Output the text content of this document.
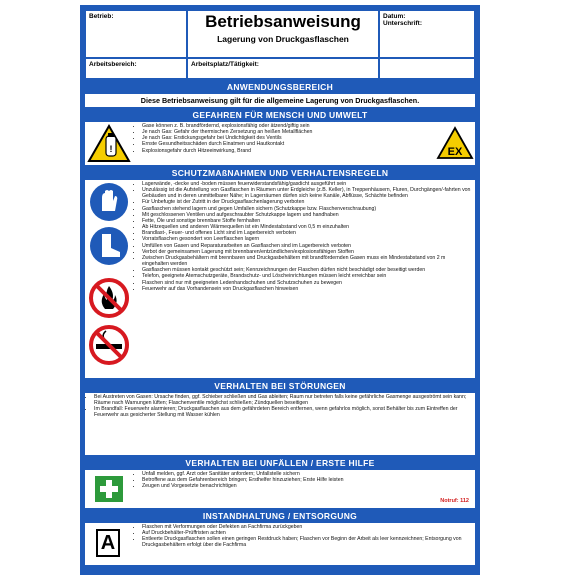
Betrieb:	Betriebsanweisung
Lagerung von Druckgasflaschen
Datum:
Unterschrift:
Arbeitsbereich:	Arbeitsplatz/Tätigkeit:
ANWENDUNGSBEREICH
Diese Betriebsanweisung gilt für die allgemeine Lagerung von Druckgasflaschen.
GEFAHREN FÜR MENSCH UND UMWELT
!
• Gase können z. B. brandfördernd, explosionsfähig oder ätzend/giftig sein
• Je nach Gas: Gefahr der thermischen Zersetzung an heißen Metallflächen
• Je nach Gas: Erstickungsgefahr bei Undichtigkeit des Ventils
• Ernste Gesundheitsschäden durch Einatmen und Hautkontakt
• Explosionsgefahr durch Hitzeeinwirkung, Brand	EX
SCHUTZMAßNAHMEN UND VERHALTENSREGELN
• Lagerwände, -decke und -boden müssen feuerwiderstandsfähig/gasdicht ausgeführt sein
• Unzulässig ist die Aufstellung von Gasflaschen in Räumen unter Erdgleiche (z.B. Keller), in Treppenhäusern, Fluren, Durchgängen/-fahrten von Gebäuden und in deren unmittelbarer Nähe; in Lagerräumen dürfen sich keine Kanäle, Abflüsse, Schächte befinden
• Für Unbefugte ist der Zutritt in der Druckgasflaschenlagerung verboten
• Gasflaschen stehend lagern und gegen Umfallen sichern (Schutzkappe bzw. Flaschenverschraubung)
• Mit geschlossenen Ventilen und aufgeschraubter Schutzkappe lagern und handhaben
• Fette, Öle und sonstige brennbare Stoffe fernhalten
• Ab Hitzequellen und anderen Wärmequellen ist ein Mindestabstand von 0,5 m einzuhalten
• Brandlast-, Feuer- und offenes Licht sind im Lagerbereich verboten
• Vorratsflaschen gesondert von Leerflaschen lagern
• Umfüllen von Gasen und Reparaturarbeiten an Gasflaschen sind im Lagerbereich verboten
• Verbot der gemeinsamen Lagerung mit brennbaren/entzündlichen/explosionsfähigen Stoffen
• Zwischen Druckgasbehältern mit brennbaren und Druckgasbehältern mit brandfördernden Gasen muss ein Mindestabstand von 2 m eingehalten werden
• Gasflaschen müssen kontakt geschützt sein; Kennzeichnungen der Flaschen dürfen nicht beschädigt oder beseitigt werden
• Telefon, geeignete Atemschutzgeräte, Brandschutz- und Löscheinrichtungen müssen leicht erreichbar sein
• Flaschen sind nur mit geeigneten Ledenhandschuhen und Schutzschuhen zu bewegen
• Feuerwehr auf das Vorhandensein von Druckgasflaschen hinweisen
VERHALTEN BEI STÖRUNGEN
• Bei Austreten von Gasen: Ursache finden, ggf. Schieber schließen und Gas ableiten; Raum nur betreten falls keine gefährliche Gasmenge ausgeströmt sein kann; Räume nach Warnungen lüften; Flaschenventile möglichst schließen; Zündquellen beseitigen
• Im Brandfall: Feuerwehr alarmieren; Druckgasflaschen aus dem gefährdeten Bereich entfernen, wenn gefahrlos möglich, sonst Behälter bis zum Eintreffen der Feuerwehr aus gesicherter Stellung mit Wasser kühlen
VERHALTEN BEI UNFÄLLEN / ERSTE HILFE
• Unfall melden, ggf. Arzt oder Sanitäter anfordern; Unfallstelle sichern
• Betroffene aus dem Gefahrenbereich bringen; Ersthelfer hinzuziehen; Erste Hilfe leisten
• Zeugen und Vorgesetzte benachrichtigen
Notruf: 112
INSTANDHALTUNG / ENTSORGUNG
A
• Flaschen mit Verformungen oder Defekten an Fachfirma zurückgeben
• Auf Druckbehälter-Prüffristen achten
• Entleerte Druckgasflaschen sollen einen geringen Restdruck haben; Flaschen vor Beginn der Arbeit als leer kennzeichnen; Entsorgung von Druckgasbehältern erfolgt über die Fachfirma
